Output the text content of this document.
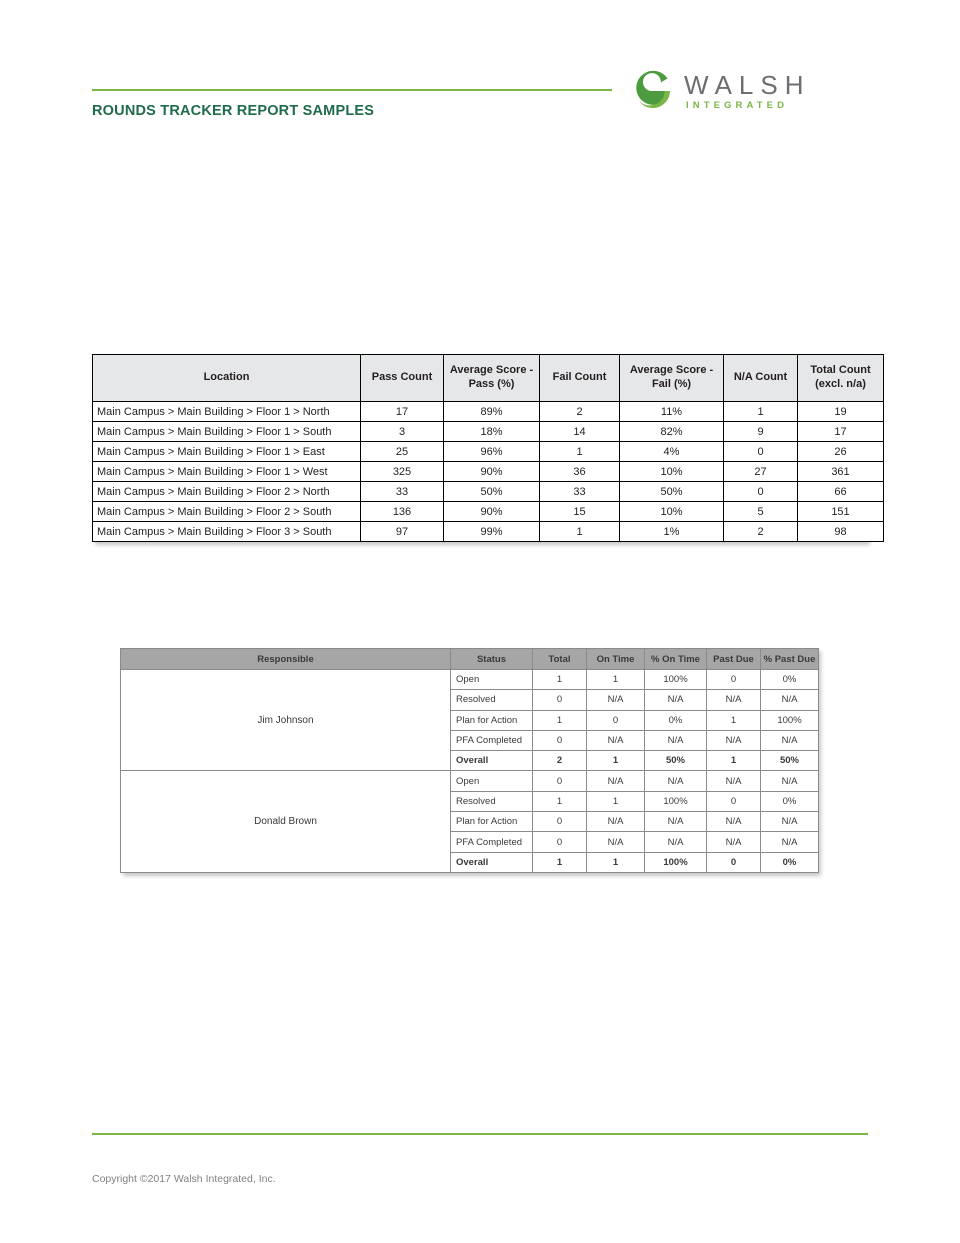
ROUNDS TRACKER REPORT SAMPLES
WALSH
INTEGRATED
Location	Pass Count	Average Score - Pass (%)	Fail Count	Average Score - Fail (%)	N/A Count	Total Count (excl. n/a)
Main Campus > Main Building > Floor 1 > North	17	89%	2	11%	1	19
Main Campus > Main Building > Floor 1 > South	3	18%	14	82%	9	17
Main Campus > Main Building > Floor 1 > East	25	96%	1	4%	0	26
Main Campus > Main Building > Floor 1 > West	325	90%	36	10%	27	361
Main Campus > Main Building > Floor 2 > North	33	50%	33	50%	0	66
Main Campus > Main Building > Floor 2 > South	136	90%	15	10%	5	151
Main Campus > Main Building > Floor 3 > South	97	99%	1	1%	2	98
Responsible	Status	Total	On Time	% On Time	Past Due	% Past Due
Jim Johnson	Open	1	1	100%	0	0%
	Resolved	0	N/A	N/A	N/A	N/A
	Plan for Action	1	0	0%	1	100%
	PFA Completed	0	N/A	N/A	N/A	N/A
	Overall	2	1	50%	1	50%
Donald Brown	Open	0	N/A	N/A	N/A	N/A
	Resolved	1	1	100%	0	0%
	Plan for Action	0	N/A	N/A	N/A	N/A
	PFA Completed	0	N/A	N/A	N/A	N/A
	Overall	1	1	100%	0	0%
Copyright ©2017 Walsh Integrated, Inc.
